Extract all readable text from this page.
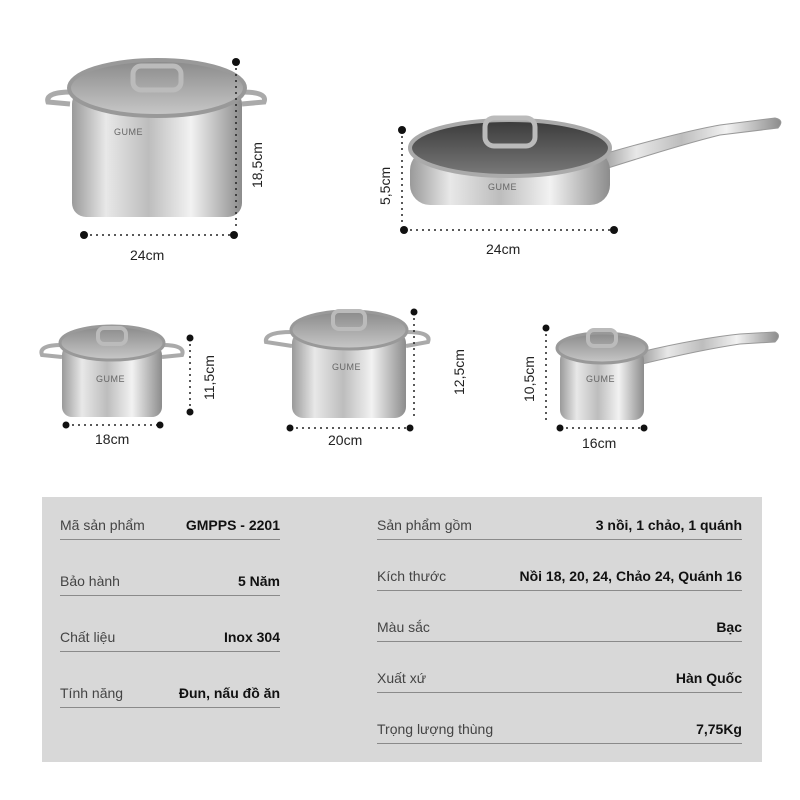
GUME
24cm
18,5cm	GUME
24cm
5,5cm
GUME
18cm
11,5cm	GUME
20cm
12,5cm	GUME
16cm
10,5cm
Mã sản phẩm	GMPPS - 2201
Bảo hành	5 Năm
Chất liệu	Inox 304
Tính năng	Đun, nấu đồ ăn
Sản phẩm gồm	3 nồi, 1 chảo, 1 quánh
Kích thước	Nồi 18, 20, 24, Chảo 24, Quánh 16
Màu sắc	Bạc
Xuất xứ	Hàn Quốc
Trọng lượng thùng	7,75Kg
